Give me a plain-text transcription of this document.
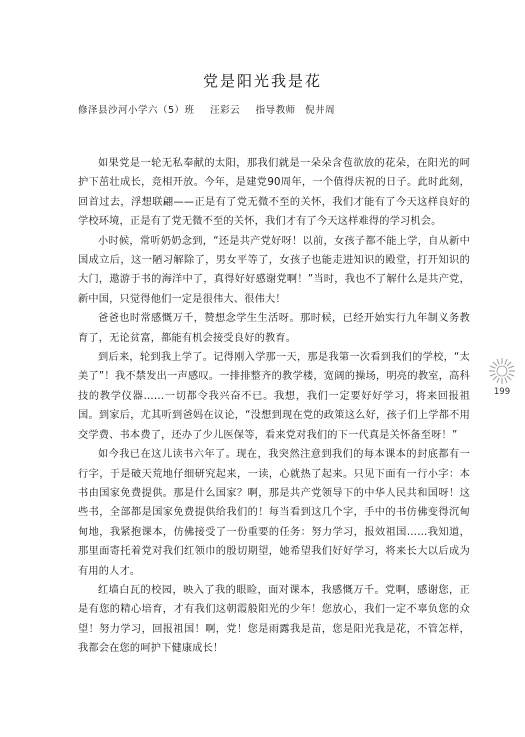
党是阳光我是花
修泽县沙河小学六（5）班 汪彩云 指导教师 倪井周

如果党是一轮无私奉献的太阳，那我们就是一朵朵含苞欲放的花朵，在阳光的呵护下茁壮成长，竞相开放。今年，是建党90周年，一个值得庆祝的日子。此时此刻，回首过去，浮想联翩——正是有了党无微不至的关怀，我们才能有了今天这样良好的学校环境，正是有了党无微不至的关怀，我们才有了今天这样难得的学习机会。

小时候，常听奶奶念到，“还是共产党好呀！以前，女孩子都不能上学，自从新中国成立后，这一陋习解除了，男女平等了，女孩子也能走进知识的殿堂，打开知识的大门，遨游于书的海洋中了，真得好好感谢党啊！”当时，我也不了解什么是共产党，新中国，只觉得他们一定是很伟大、很伟大！

爸爸也时常感慨万千，赞想念学生生活呀。那时候，已经开始实行九年制义务教育了，无论贫富，都能有机会接受良好的教育。

到后来，轮到我上学了。记得刚入学那一天，那是我第一次看到我们的学校，“太美了”！我不禁发出一声感叹。一排排整齐的教学楼，宽阔的操场，明亮的教室，高科技的教学仪器……一切都令我兴奋不已。我想，我们一定要好好学习，将来回报祖国。到家后，尤其听到爸妈在议论，“没想到现在党的政策这么好，孩子们上学都不用交学费、书本费了，还办了少儿医保等，看来党对我们的下一代真是关怀备至呀！”

如今我已在这儿读书六年了。现在，我突然注意到我们的每本课本的封底都有一行字，于是破天荒地仔细研究起来，一读，心就热了起来。只见下面有一行小字：本书由国家免费提供。那是什么国家？啊，那是共产党领导下的中华人民共和国呀！这些书，全部都是国家免费提供给我们的！每当看到这几个字，手中的书仿佛变得沉甸甸地，我紧抱课本，仿佛接受了一份重要的任务：努力学习，报效祖国……我知道，那里面寄托着党对我们红领巾的殷切期望，她希望我们好好学习，将来长大以后成为有用的人才。

红墙白瓦的校园，映入了我的眼睑，面对课本，我感慨万千。党啊，感谢您，正是有您的精心培育，才有我们这朝霞般阳光的少年！您放心，我们一定不辜负您的众望！努力学习，回报祖国！啊，党！您是雨露我是苗，您是阳光我是花，不管怎样，我都会在您的呵护下健康成长！

199
